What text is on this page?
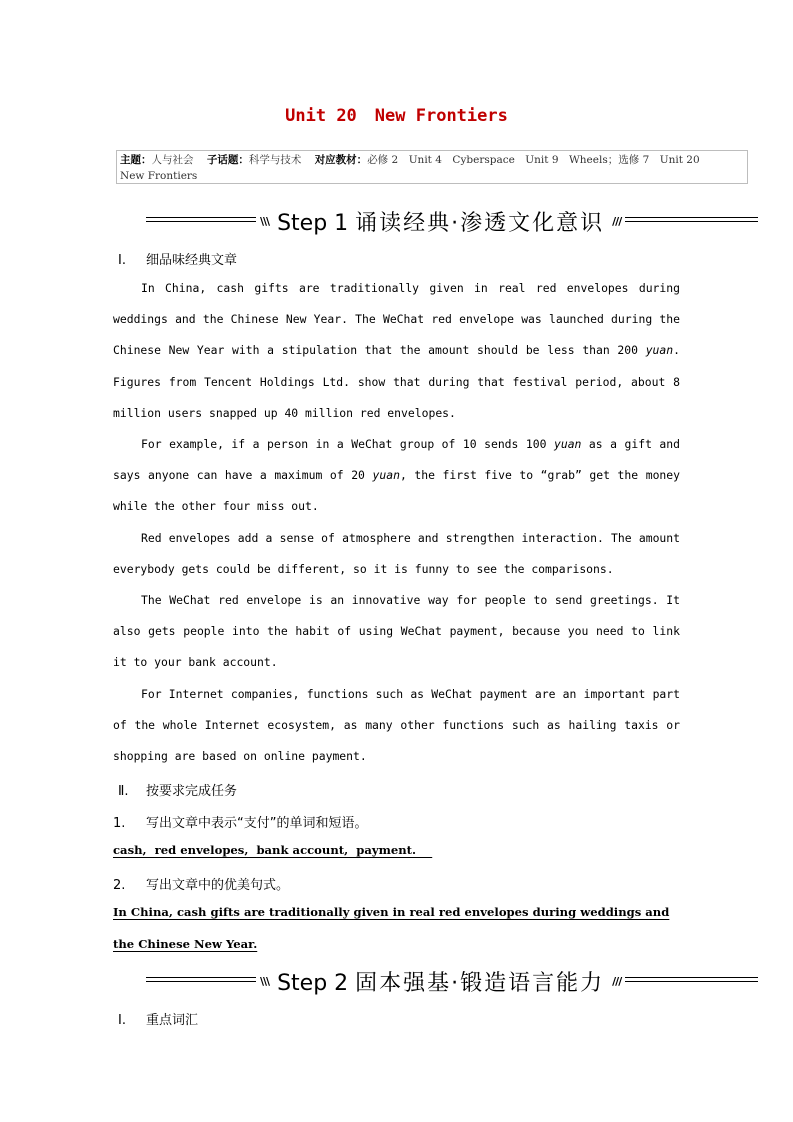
Unit 20 New Frontiers
主题：人与社会 子话题：科学与技术 对应教材：必修 2　Unit 4　Cyberspace　Unit 9　Wheels；选修 7　Unit 20
New Frontiers
\\\ Step 1 诵读经典·渗透文化意识 ///
Ⅰ. 细品味经典文章

In China, cash gifts are traditionally given in real red envelopes during weddings and the Chinese New Year. The WeChat red envelope was launched during the Chinese New Year with a stipulation that the amount should be less than 200 yuan. Figures from Tencent Holdings Ltd. show that during that festival period, about 8 million users snapped up 40 million red envelopes.

For example, if a person in a WeChat group of 10 sends 100 yuan as a gift and says anyone can have a maximum of 20 yuan, the first five to “grab” get the money while the other four miss out.

Red envelopes add a sense of atmosphere and strengthen interaction. The amount everybody gets could be different, so it is funny to see the comparisons.

The WeChat red envelope is an innovative way for people to send greetings. It also gets people into the habit of using WeChat payment, because you need to link it to your bank account.

For Internet companies, functions such as WeChat payment are an important part of the whole Internet ecosystem, as many other functions such as hailing taxis or shopping are based on online payment.

Ⅱ. 按要求完成任务
1. 写出文章中表示“支付”的单词和短语。
cash,  red envelopes,  bank account,  payment.
2. 写出文章中的优美句式。
In China, cash gifts are traditionally given in real red envelopes during weddings and the Chinese New Year.
\\\ Step 2 固本强基·锻造语言能力 ///
Ⅰ. 重点词汇
